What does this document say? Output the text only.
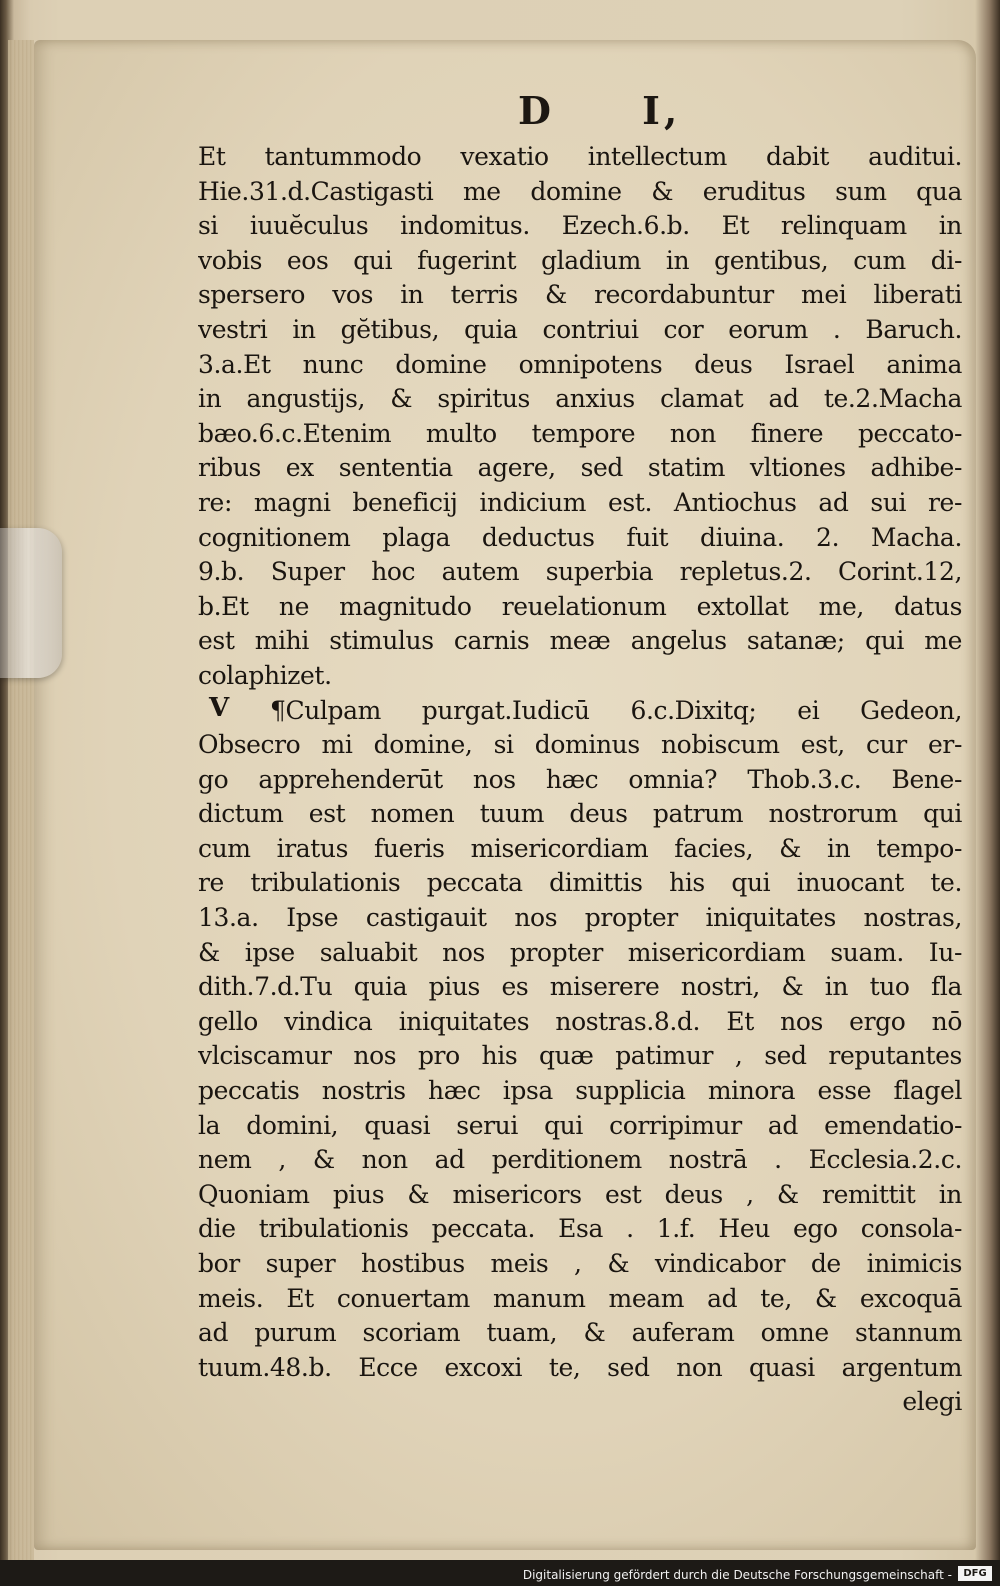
D I,
V
Et tantummodo vexatio intellectum dabit auditui.
Hie.31.d.Castigasti me domine & eruditus sum qua
si iuuĕculus indomitus. Ezech.6.b. Et relinquam in
vobis eos qui fugerint gladium in gentibus, cum di-
spersero vos in terris & recordabuntur mei liberati
vestri in gĕtibus, quia contriui cor eorum . Baruch.
3.a.Et nunc domine omnipotens deus Israel anima
in angustijs, & spiritus anxius clamat ad te.2.Macha
bæo.6.c.Etenim multo tempore non finere peccato-
ribus ex sententia agere, sed statim vltiones adhibe-
re: magni beneficij indicium est. Antiochus ad sui re-
cognitionem plaga deductus fuit diuina. 2. Macha.
9.b. Super hoc autem superbia repletus.2. Corint.12,
b.Et ne magnitudo reuelationum extollat me, datus
est mihi stimulus carnis meæ angelus satanæ; qui me
colaphizet.
¶Culpam purgat.Iudicū 6.c.Dixitq; ei Gedeon,
Obsecro mi domine, si dominus nobiscum est, cur er-
go apprehenderūt nos hæc omnia? Thob.3.c. Bene-
dictum est nomen tuum deus patrum nostrorum qui
cum iratus fueris misericordiam facies, & in tempo-
re tribulationis peccata dimittis his qui inuocant te.
13.a. Ipse castigauit nos propter iniquitates nostras,
& ipse saluabit nos propter misericordiam suam. Iu-
dith.7.d.Tu quia pius es miserere nostri, & in tuo fla
gello vindica iniquitates nostras.8.d. Et nos ergo nō
vlciscamur nos pro his quæ patimur , sed reputantes
peccatis nostris hæc ipsa supplicia minora esse flagel
la domini, quasi serui qui corripimur ad emendatio-
nem , & non ad perditionem nostrā . Ecclesia.2.c.
Quoniam pius & misericors est deus , & remittit in
die tribulationis peccata. Esa . 1.f. Heu ego consola-
bor super hostibus meis , & vindicabor de inimicis
meis. Et conuertam manum meam ad te, & excoquā
ad purum scoriam tuam, & auferam omne stannum
tuum.48.b. Ecce excoxi te, sed non quasi argentum
elegi
Digitalisierung gefördert durch die Deutsche Forschungsgemeinschaft -	DFG
